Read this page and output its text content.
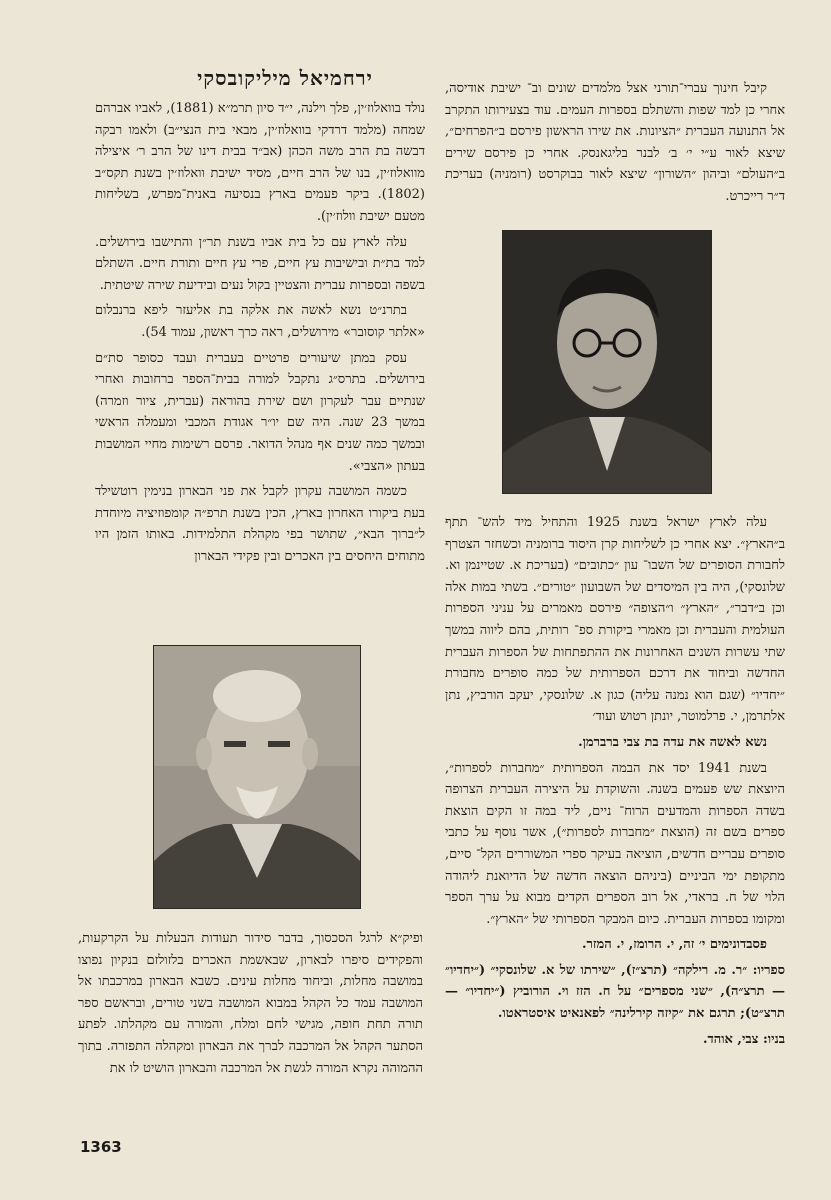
ירחמיאל מיליקובסקי

נולד בוואלוז׳ין, פלך וילנה, י״ד סיון תרמ״א (1881), לאביו אברהם שמחה (מלמד דרדקי בוואלוז׳ין, מבאי בית הנצי״ב) ולאמו רבקה דבשה בת הרב משה הכהן (אב״ד בבית דינו של הרב ר׳ איצילה מוואלוז׳ין, בנו של הרב חיים, מסיד ישיבת וואלוז׳ין בשנת תקס״ב (1802). ביקר פעמים בארץ בנסיעה באנית־מפרש, בשליחות מטעם ישיבת וולוז׳ין).

עלה לארץ עם כל בית אביו בשנת תר״ן והתישבו בירושלים. למד בת״ת ובישיבות עץ חיים, פרי עץ חיים ותורת חיים. השתלם בשפה ובספרות עברית והצטיין בקול נעים ובידיעת שירה שיטתית.

בתרנ״ט נשא לאשה את אלקה בת אליעזר ליפא ברנבלום «אלתר קוסובר» מירושלים, ראה כרך ראשון, עמוד 54).

עסק במתן שיעורים פרטיים בעברית ועבד כסופר סת״ם בירושלים. בתרס״ג נתקבל למורה בבית־הספר ברחובות ואחרי שנתיים עבר לעקרון ושם שירת בהוראה (עברית, ציור וזמרה) במשך 23 שנה. היה שם יו״ר אגודת המכבי ומעמלה הראשי ובמשך כמה שנים אף מנהל הדואר. פרסם רשימות מחיי המושבות בעתון «הצבי».

כשמה המושבה עקרון לקבל את פני הבארון בנימין רוטשילד בעת ביקורו האחרון בארץ, הכין בשנת תרפ״ה קומפוזיציה מיוחדת ל״ברוך הבא״, שתושר בפי מקהלת התלמידות. באותו הזמן היו מתוחים היחסים בין האכרים ובין פקידי הבארון

ופיק״א לרגל הסכסוך, בדבר סידור תעודות הבעלות על הקרקעות, והפקידים סיפרו לבארון, שבאשמת האכרים בלזולזם בנקיון נפוצו במושבה מחלות, וביחוד מחלות עינים. כשבא הבארון במרכבתו אל המושבה עמד כל הקהל במבוא המושבה בשני טורים, ובראשם ספר תורה תחת חופה, מגישי לחם ומלח, והמורה עם מקהלתו. לפתע הסתער הקהל אל המרכבה לברך את הבארון ומקהלה התפזרה. בתוך ההמוהה נקרא המורה לגשת אל המרכבה והבארון הושיט לו את

קיבל חינוך עברי־תורני אצל מלמדים שונים וב־ ישיבת אודיסה, אחרי כן למד שפות והשתלם בספרות העמים. עוד בצעירותו התקרב אל התנועה העברית ״הציונות. את שירו הראשון פירסם ב״הפרחים״, שיצא לאור ע״י י׳ ב׳ לבנר בליגאנסק. אחרי כן פירסם שירים ב״העולם״ וביהון ״השורון״ שיצא לאור בבוקרסט (רומניה) בעריכת ד״ר רייכרט.

עלה לארץ ישראל בשנת 1925 והתחיל מיד להש־ תתף ב״הארץ״. יצא אחרי כן לשליחות קרן היסוד ברומניה וכשחזר הצטרף לחבורת הסופרים של השבו־ עון ״כתובים״ (בעריכת א. שטיינמן וא. שלונסקי), היה בין המיסדים של השבועון ״טורים״. בשתי במות אלה וכן ב״דבר״, ״הארץ״ ו״הצופה״ פירסם מאמרים על עניני הספרות העולמית והעברית וכן מאמרי ביקורת ספ־ רותית, בהם ליווה במשך שתי עשרות השנים האחרונות את ההתפתחות של הספרות העברית החדשה וביחוד את דרכם הספרותית של כמה סופרים מחבורת ״יחדיו״ (שגם הוא נמנה עליה) כגון א. שלונסקי, יעקב הורביץ, נתן אלתרמן, י. פרלמוטר, יונתן רטוש ועוד׳

נשא לאשה את עדה בת צבי ברברמן.

בשנת 1941 יסד את הבמה הספרותית ״מחברות לספרות״, היוצאת שש פעמים בשנה. והשוקדת על היצירה העברית הצרופה בשדה הספרות והמדעים הרוח־ ניים, ליד במה זו הקים הוצאת ספרים בשם זה (הוצאת ״מחברות לספרות״), אשר נוסף על כתבי סופרים עבריים חדשים, הוציאה בעיקר ספרי המשוררים הקל־ סיים, מתקופת ימי הביניים (ביניהם הוצאה חדשה של הדיואנת ליהודה הלוי של ח. בראדי, אל רוב הספרים הקדים מבוא על ערך הספר ומקומו בספרות העברית. כיום המבקר הספרותי של ״הארץ״.

פסבדונימים י׳ זה, י. הרומז, י. המזר.

ספריו: ״ר. מ. רילקה״ (תרצ״ז), ״שירתו של א. שלונסקי״ (״יחדיו״ — תרצ״ה), ״שני מספרים״ על ח. הזז וי. הורוביץ (״יחדיו״ — תרצ״ט); תרגם את ״קיזה קירלינה״ לפאנאיט איסטראטו.

בניו: צבי, אוהד.

1363
